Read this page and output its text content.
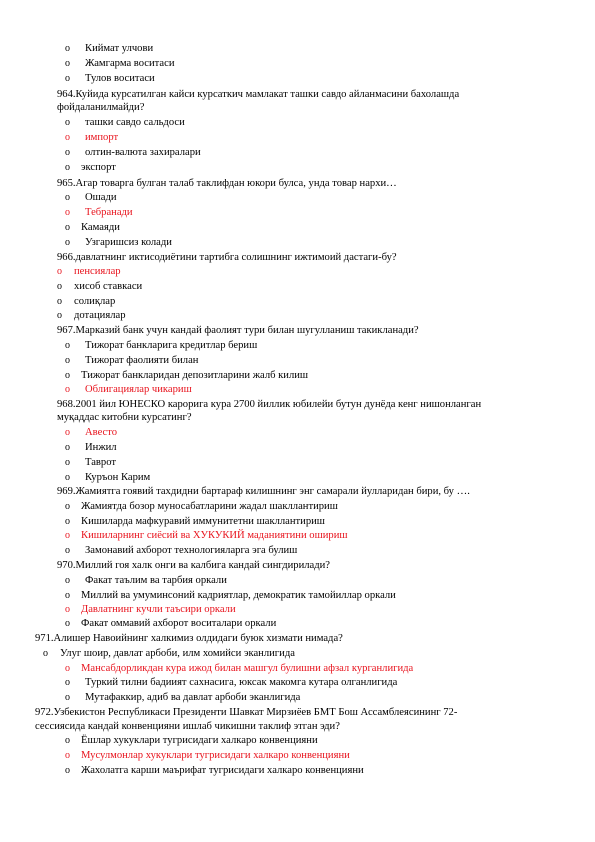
o Киймат улчови
o Жамгарма воситаси
o Тулов воситаси
964.Куйида курсатилган кайси курсаткич мамлакат ташки савдо айланмасини бахолашда
фойдаланилмайди?
o ташки савдо сальдоси
o импорт
o олтин-валюта захиралари
o экспорт
965.Агар товарга булган талаб таклифдан юкори булса, унда товар нархи…
o Ошади
o Тебранади
o Камаяди
o Узгаришсиз колади
966.давлатнинг иктисодиётини тартибга солишнинг ижтимоий дастаги-бу?
o пенсиялар
o хисоб ставкаси
o солиқлар
o дотациялар
967.Марказий банк учун кандай фаолият тури билан шугулланиш такикланади?
o Тижорат банкларига кредитлар бериш
o Тижорат фаолияти билан
o Тижорат банкларидан депозитларини жалб килиш
o Облигациялар чикариш
968.2001 йил ЮНЕСКО карорига кура 2700 йиллик юбилейи бутун дунёда кенг нишонланган
муқаддас китобни курсатинг?
o Авесто
o Инжил
o Таврот
o Куръон Карим
969.Жамиятга гоявий тахдидни бартараф килишнинг энг самарали йулларидан бири, бу ….
o Жамиятда бозор муносабатларини жадал шакллантириш
o Кишиларда мафкуравий иммунитетни шакллантириш
o Кишиларнинг сиёсий ва ХУКУКИЙ маданиятини ошириш
o Замонавий ахборот технологияларга эга булиш
970.Миллий гоя халк онги ва калбига кандай сингдирилади?
o Факат таълим ва тарбия оркали
o Миллий ва умуминсоний кадриятлар, демократик тамойиллар оркали
o Давлатнинг кучли таъсири оркали
o Факат оммавий ахборот воситалари оркали
971.Алишер Навоийнинг халкимиз олдидаги буюк хизмати нимада?
o Улуг шоир, давлат арбоби, илм хомийси эканлигида
o Мансабдорликдан кура ижод билан машгул булишни афзал курганлигида
o Туркий тилни бадиият сахнасига, юксак макомга кутара олганлигида
o Мутафаккир, адиб ва давлат арбоби эканлигида
972.Узбекистон Республикаси Президенти Шавкат Мирзиёев БМТ Бош Ассамблеясининг 72-
сессиясида кандай конвенцияни ишлаб чикишни таклиф этган эди?
o Ёшлар хукуклари тугрисидаги халкаро конвенцияни
o Мусулмонлар хукуклари тугрисидаги халкаро конвенцияни
o Жахолатга карши маърифат тугрисидаги халкаро конвенцияни
